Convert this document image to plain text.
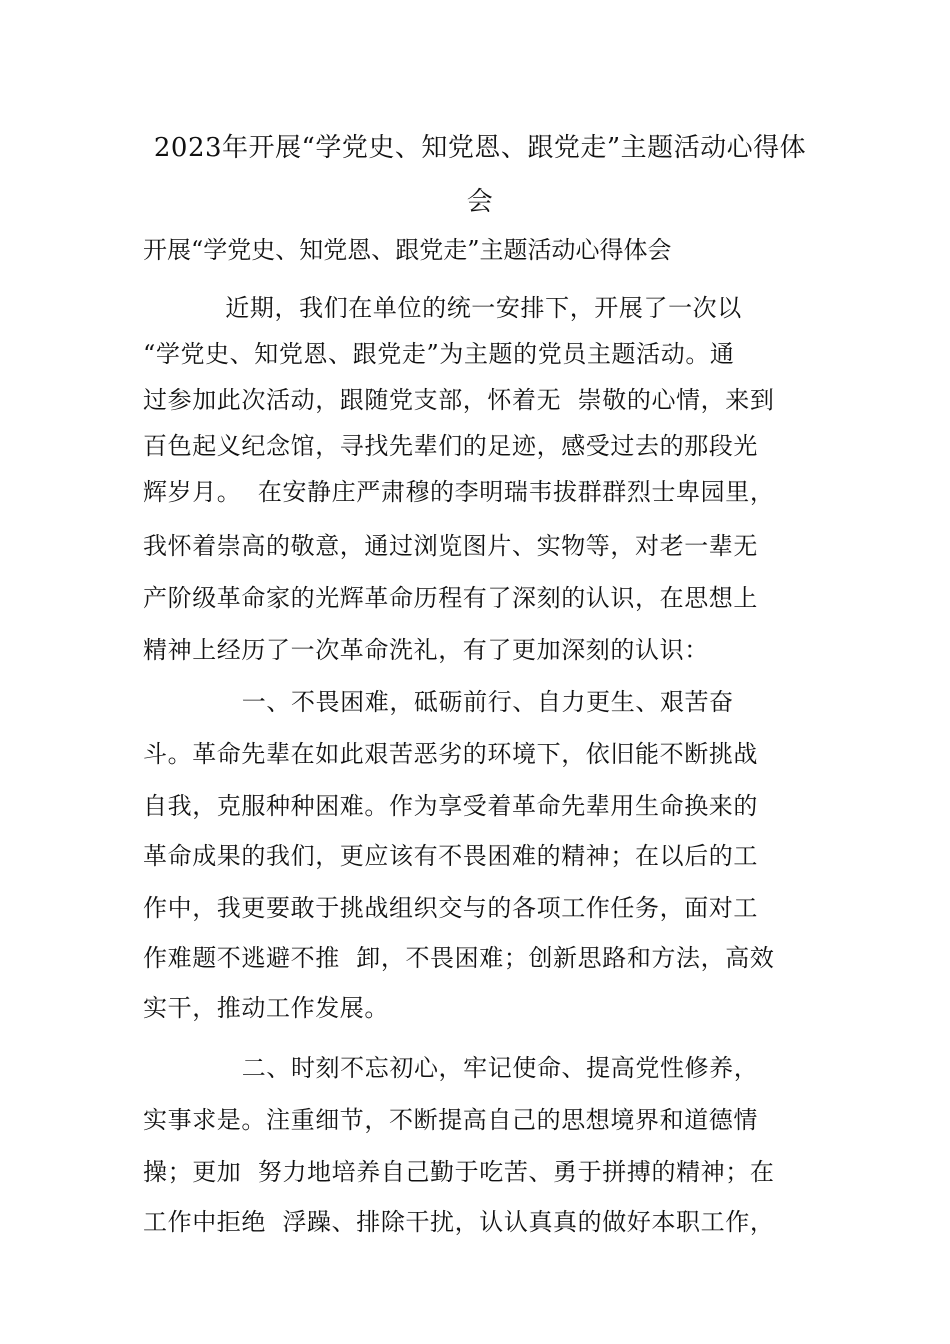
2023年开展“学党史、知党恩、跟党走”主题活动心得体
会
开展“学党史、知党恩、跟党走”主题活动心得体会
近期，我们在单位的统一安排下，开展了一次以
“学党史、知党恩、跟党走”为主题的党员主题活动。通
过参加此次活动，跟随党支部，怀着无  崇敬的心情，来到
百色起义纪念馆，寻找先辈们的足迹，感受过去的那段光
辉岁月。  在安静庄严肃穆的李明瑞韦拔群群烈士卑园里，
我怀着崇高的敬意，通过浏览图片、实物等，对老一辈无
产阶级革命家的光辉革命历程有了深刻的认识，在思想上
精神上经历了一次革命洗礼，有了更加深刻的认识：
一、不畏困难，砥砺前行、自力更生、艰苦奋
斗。革命先辈在如此艰苦恶劣的环境下，依旧能不断挑战
自我，克服种种困难。作为享受着革命先辈用生命换来的
革命成果的我们，更应该有不畏困难的精神；在以后的工
作中，我更要敢于挑战组织交与的各项工作任务，面对工
作难题不逃避不推  卸，不畏困难；创新思路和方法，高效
实干，推动工作发展。
二、时刻不忘初心，牢记使命、提高党性修养，
实事求是。注重细节，不断提高自己的思想境界和道德情
操；更加  努力地培养自己勤于吃苦、勇于拼搏的精神；在
工作中拒绝  浮躁、排除干扰，认认真真的做好本职工作，
